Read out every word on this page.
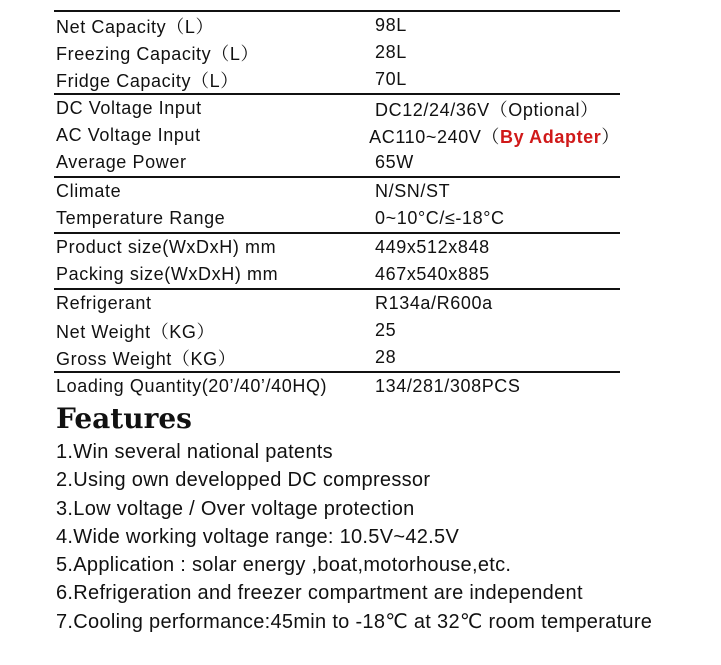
Net Capacity（L）	98L
Freezing Capacity（L）	28L
Fridge Capacity（L）	70L
DC Voltage Input	DC12/24/36V（Optional）
AC Voltage Input	AC110~240V（By Adapter）
Average Power	65W
Climate	N/SN/ST
Temperature Range	0~10°C/≤-18°C
Product size(WxDxH) mm	449x512x848
Packing size(WxDxH) mm	467x540x885
Refrigerant	R134a/R600a
Net Weight（KG）	25
Gross Weight（KG）	28
Loading Quantity(20’/40’/40HQ)	134/281/308PCS
Features
1.Win several national patents
2.Using own developped DC compressor
3.Low voltage / Over voltage protection
4.Wide working voltage range: 10.5V~42.5V
5.Application : solar energy ,boat,motorhouse,etc.
6.Refrigeration and freezer compartment are independent
7.Cooling performance:45min to -18℃ at 32℃ room temperature
